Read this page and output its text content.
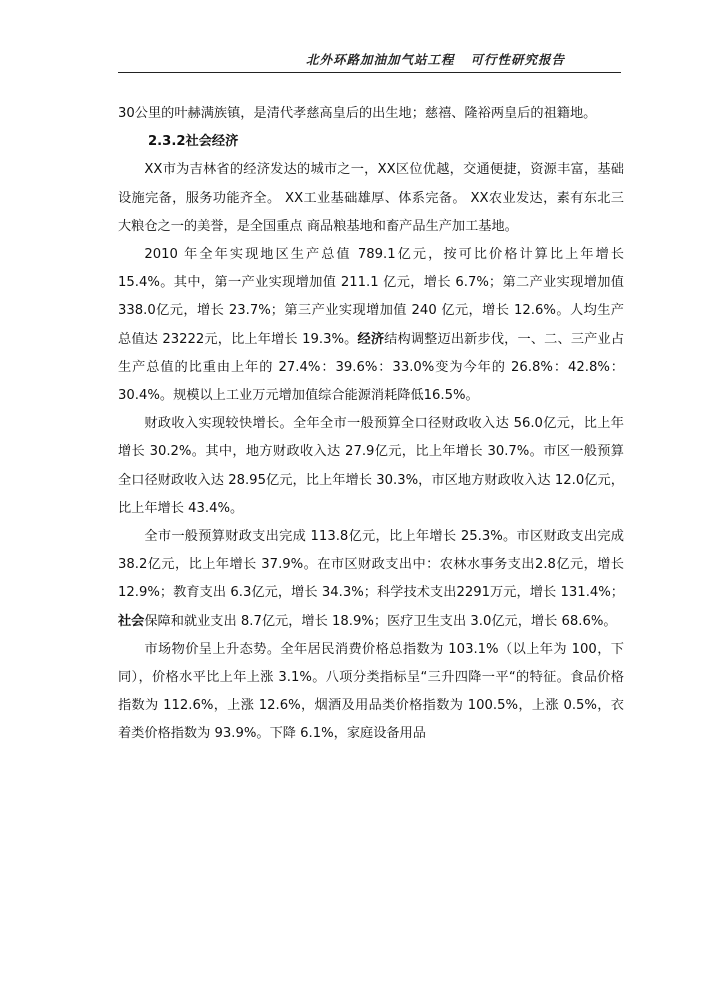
北外环路加油加气站工程   可行性研究报告

30公里的叶赫满族镇，是清代孝慈高皇后的出生地；慈禧、隆裕两皇后的祖籍地。

2.3.2社会经济

XX市为吉林省的经济发达的城市之一，XX区位优越，交通便捷，资源丰富，基础设施完备，服务功能齐全。 XX工业基础雄厚、体系完备。 XX农业发达，素有东北三大粮仓之一的美誉，是全国重点 商品粮基地和畜产品生产加工基地。

2010 年全年实现地区生产总值 789.1亿元，按可比价格计算比上年增长 15.4%。其中，第一产业实现增加值 211.1 亿元，增长 6.7%；第二产业实现增加值 338.0亿元，增长 23.7%；第三产业实现增加值 240 亿元，增长 12.6%。人均生产总值达 23222元，比上年增长 19.3%。经济结构调整迈出新步伐，一、二、三产业占生产总值的比重由上年的 27.4%：39.6%：33.0%变为今年的 26.8%：42.8%：30.4%。规模以上工业万元增加值综合能源消耗降低16.5%。

财政收入实现较快增长。全年全市一般预算全口径财政收入达 56.0亿元，比上年增长 30.2%。其中，地方财政收入达 27.9亿元，比上年增长 30.7%。市区一般预算全口径财政收入达 28.95亿元，比上年增长 30.3%，市区地方财政收入达 12.0亿元，比上年增长 43.4%。

全市一般预算财政支出完成 113.8亿元，比上年增长 25.3%。市区财政支出完成 38.2亿元，比上年增长 37.9%。在市区财政支出中：农林水事务支出2.8亿元，增长 12.9%；教育支出 6.3亿元，增长 34.3%；科学技术支出2291万元，增长 131.4%；社会保障和就业支出 8.7亿元，增长 18.9%；医疗卫生支出 3.0亿元，增长 68.6%。

市场物价呈上升态势。全年居民消费价格总指数为 103.1%（以上年为 100，下同），价格水平比上年上涨 3.1%。八项分类指标呈“三升四降一平“的特征。食品价格指数为 112.6%，上涨 12.6%，烟酒及用品类价格指数为 100.5%，上涨 0.5%，衣着类价格指数为 93.9%。下降 6.1%，家庭设备用品
